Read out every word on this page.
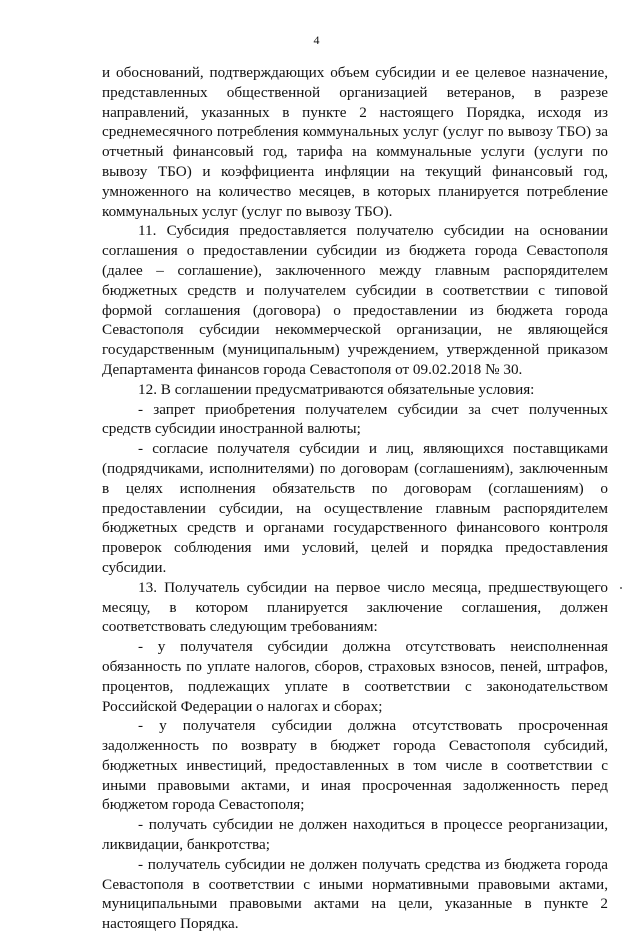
4

и обоснований, подтверждающих объем субсидии и ее целевое назначение, представленных общественной организацией ветеранов, в разрезе направлений, указанных в пункте 2 настоящего Порядка, исходя из среднемесячного потребления коммунальных услуг (услуг по вывозу ТБО) за отчетный финансовый год, тарифа на коммунальные услуги (услуги по вывозу ТБО) и коэффициента инфляции на текущий финансовый год, умноженного на количество месяцев, в которых планируется потребление коммунальных услуг (услуг по вывозу ТБО).

11. Субсидия предоставляется получателю субсидии на основании соглашения о предоставлении субсидии из бюджета города Севастополя (далее – соглашение), заключенного между главным распорядителем бюджетных средств и получателем субсидии в соответствии с типовой формой соглашения (договора) о предоставлении из бюджета города Севастополя субсидии некоммерческой организации, не являющейся государственным (муниципальным) учреждением, утвержденной приказом Департамента финансов города Севастополя от 09.02.2018 № 30.

12. В соглашении предусматриваются обязательные условия:

- запрет приобретения получателем субсидии за счет полученных средств субсидии иностранной валюты;

- согласие получателя субсидии и лиц, являющихся поставщиками (подрядчиками, исполнителями) по договорам (соглашениям), заключенным в целях исполнения обязательств по договорам (соглашениям) о предоставлении субсидии, на осуществление главным распорядителем бюджетных средств и органами государственного финансового контроля проверок соблюдения ими условий, целей и порядка предоставления субсидии.

13. Получатель субсидии на первое число месяца, предшествующего месяцу, в котором планируется заключение соглашения, должен соответствовать следующим требованиям:

- у получателя субсидии должна отсутствовать неисполненная обязанность по уплате налогов, сборов, страховых взносов, пеней, штрафов, процентов, подлежащих уплате в соответствии с законодательством Российской Федерации о налогах и сборах;

- у получателя субсидии должна отсутствовать просроченная задолженность по возврату в бюджет города Севастополя субсидий, бюджетных инвестиций, предоставленных в том числе в соответствии с иными правовыми актами, и иная просроченная задолженность перед бюджетом города Севастополя;

- получать субсидии не должен находиться в процессе реорганизации, ликвидации, банкротства;

- получатель субсидии не должен получать средства из бюджета города Севастополя в соответствии с иными нормативными правовыми актами, муниципальными правовыми актами на цели, указанные в пункте 2 настоящего Порядка.
